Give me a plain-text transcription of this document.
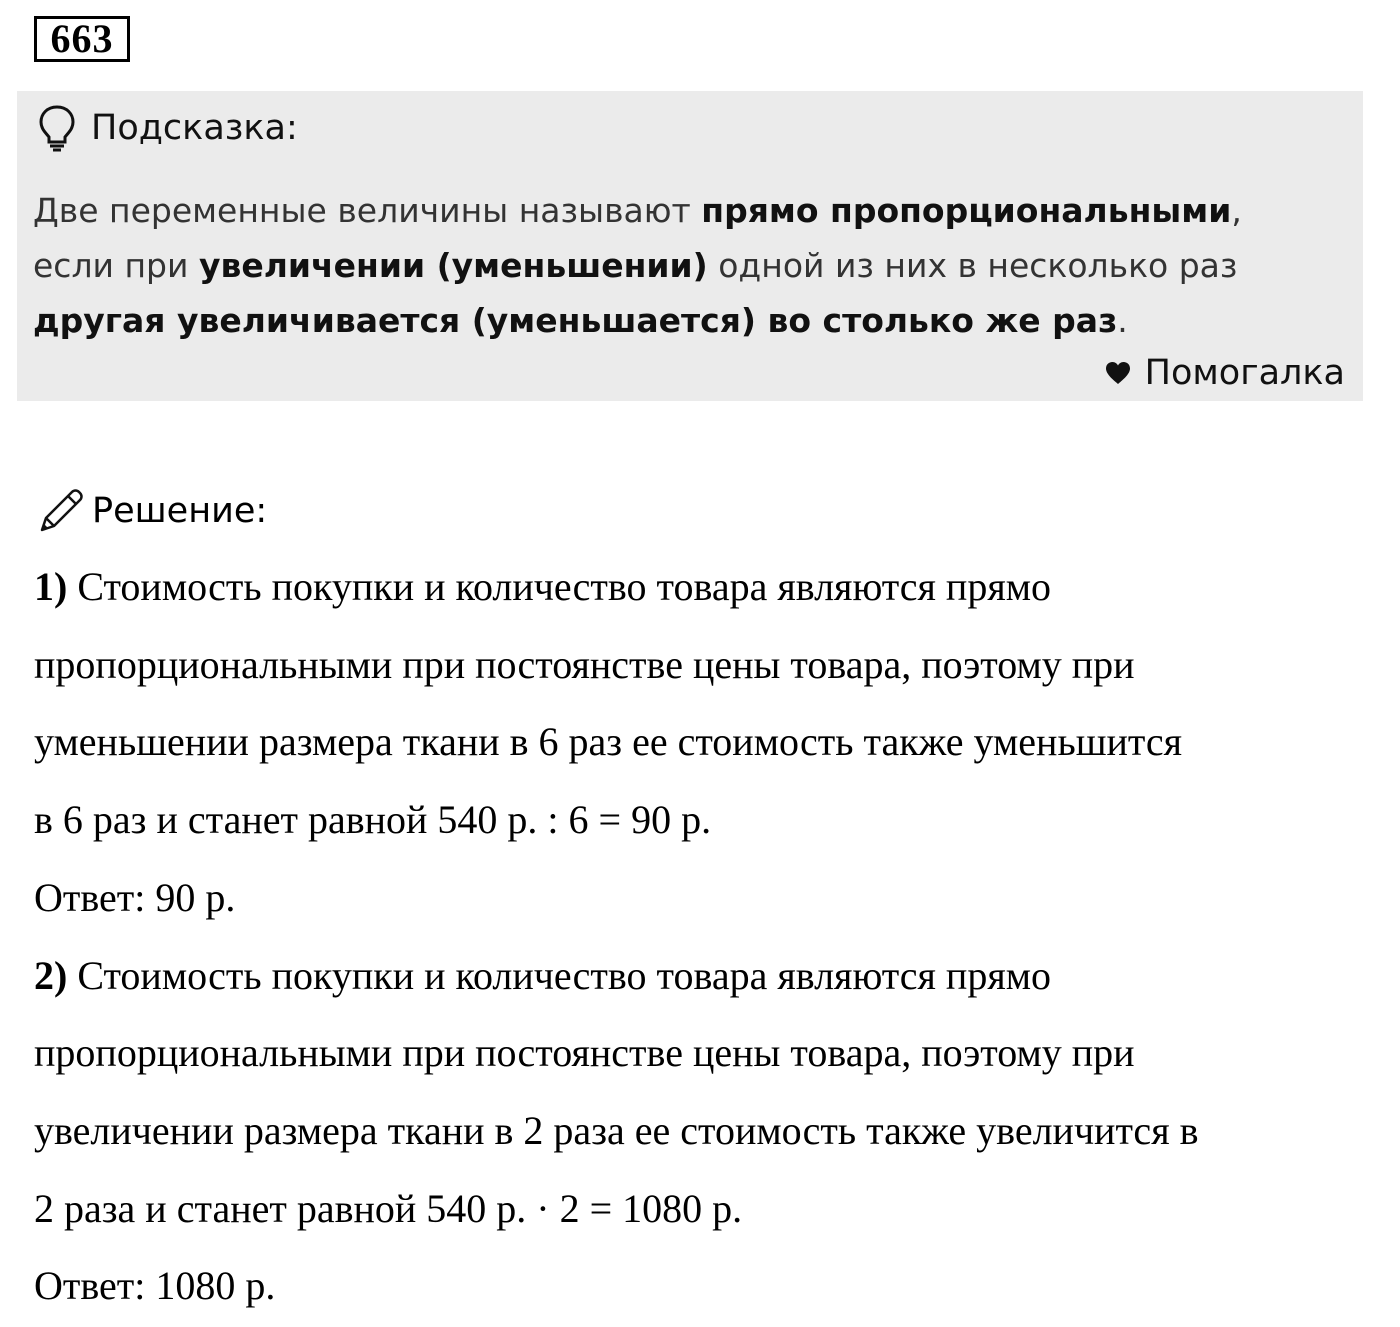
663
Подсказка:
Две переменные величины называют прямо пропорциональными,
если при увеличении (уменьшении) одной из них в несколько раз
другая увеличивается (уменьшается) во столько же раз.
Помогалка
Решение:

1) Стоимость покупки и количество товара являются прямо

пропорциональными при постоянстве цены товара, поэтому при

уменьшении размера ткани в 6 раз ее стоимость также уменьшится

в 6 раз и станет равной 540 р. : 6 = 90 р.

Ответ: 90 р.

2) Стоимость покупки и количество товара являются прямо

пропорциональными при постоянстве цены товара, поэтому при

увеличении размера ткани в 2 раза ее стоимость также увеличится в

2 раза и станет равной 540 р. · 2 = 1080 р.

Ответ: 1080 р.
